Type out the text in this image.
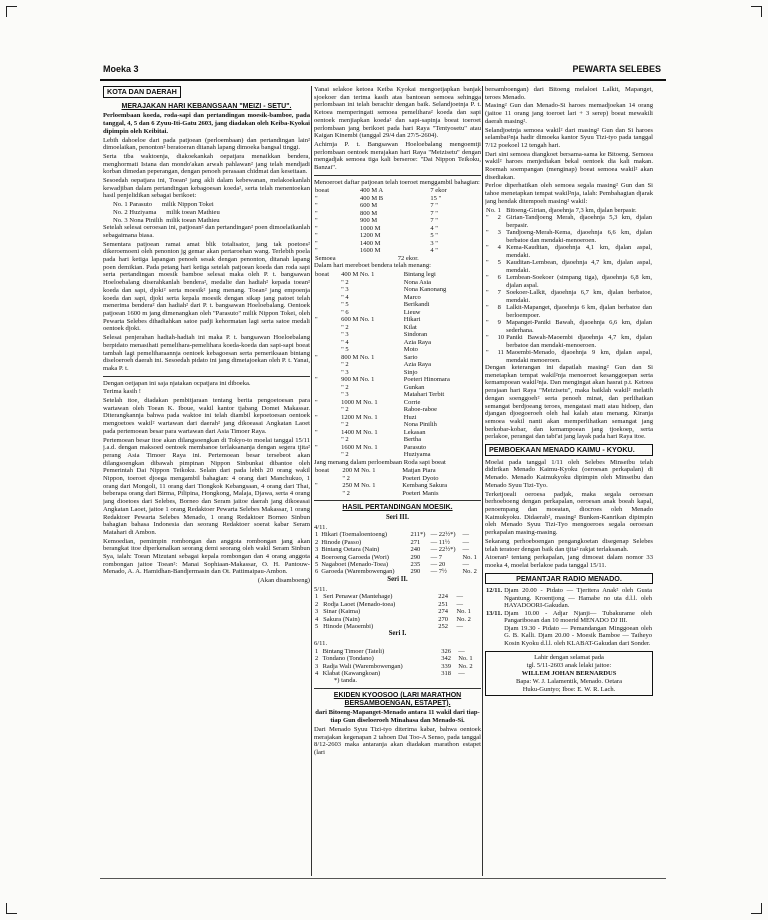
Moeka 3	PEWARTA SELEBES
KOTA DAN DAERAH
MERAJAKAN HARI KEBANGSAAN "MEIZI - SETU".

Perloembaan koeda, roda-sapi dan pertandingan moesik-bamboe, pada tanggal, 4, 5 dan 6 Zyuu-Iti-Gatu 2603, jang diadakan oleh Keiba-Kyokai dipimpin oleh Keibitai.

Lebih dahoeloe dari pada patjoean (perloembaan) dan pertandingan lain² dimoelaikan, penonton² beratoeran ditanah lapang dimoeka bangsal tinggi.

Serta tiba waktoenja, diakoekankah oepatjara menaikkan bendera, menghormati Istana dan mondo'akan arwah pahlawan² jang telah mendjadi korban dimedan peperangan, dengan penoeh perasaan chidmat dan keseitaan.

Sesoedah oepatjara ini, Toean² jang akli dalam kebewanan, melakoekanlah kewadjiban dalam pertandingan kebagoesan koeda², serta telah menentoekan hasil penjelidikan sebagai berikoet:

No. 1 Parasuto      milik Nippon Tokei

No. 2 Huziyama      milik toean Mathieu

No. 3 Nona Pinilih  milik toean Mathieu

Setelah selesai oeroesan ini, patjoean² dan pertandingan² poen dimoelaikanlah sebagaimana biasa.

Sementara patjoean ramai amat blik totalisator, jang tak poetoes² dikeroemoeni oleh penonton jg gemar akan pertaroehan wang. Terlebih poela pada hari ketiga lapangan penoeh sesak dengan penonton, ditanah lapang poen demikian. Pada petang hari ketiga setelah patjoean koeda dan roda sapi serta pertandingan moesik bamboe selesai maka oleh P. t. bangsawan Hoeloebalang diserahkanlah bendera², medalie dan hadiah² kepada toean² koeda dan sapi, djoki² serta moesik² jang menang. Toean² jang empoenja koeda dan sapi, djoki serta kepala moesik dengan sikap jang patoet telah menerima bendera² dan hadiah² dari P. t. bangsawan Hoeloebalang. Oentoek patjoean 1600 m jang dimenangkan oleh "Parasuto" milik Nippon Tokei, oleh Pewarta Selebes dihadiahkan satoe padji kehormatan lagi serta satoe medali oentoek djoki.

Selesai penjerahan hadiah-hadiah ini maka P. t. bangsawan Hoeloebalang berpidato menasihati pemelihara-pemelihara koeda-koeda dan sapi-sapi boeat tambah lagi pemeliharaannja oentoek kebagoesan serta pemeriksaan bintang diseloeroeh daerah ini. Sesoedah pidato ini jang dimeiajoekan oleh P. t. Yanai, maka P. t.

Dengan oetjapan ini saja njatakan ocpatjara ini diboeka.

Terima kasih !

Setelah itoe, diadakan pembitjaraan tentang berita pengoetoesan para wartawan oleh Toean K. Iboue, wakil kantor tjabang Domei Makassar. Diterangkannja bahwa pada waktoe ini telah diambil kepoetoesan oentoek mengoetoes wakil² wartawan dari daerah² jang dikoeasai Angkatan Laoet pada pertemoean besar para wartawan dari Asia Timoer Raya.

Pertemoean besar itoe akan dilangsoengkan di Tokyo-to moelai tanggal 15/11 j.a.d. dengan maksoed oentoek membanoe terlaksananja dengan segera tjita² perang Asia Timoer Raya ini. Pertemoean besar tersebeot akan dilangsoengkan dibawah pimpinan Nippon Sinbunkai dibantoe oleh Pemerintah Dai Nippon Teikoku. Selain dari pada lebih 20 orang wakil Nippon, toeroet djoega mengambil bahagian: 4 orang dari Manchukuo, 1 orang dari Mongoli, 11 orang dari Tiongkok Kebangsaan, 4 orang dari Thai, beberapa orang dari Birma, Pilipina, Hongkong, Malaja, Djawa, serta 4 orang jang dioetoes dari Selebes, Borneo dan Seram jaitoe daerah jang dikoeasai Angkatan Laoet, jaitoe 1 orang Redaktoer Pewarta Selebes Makassar, 1 orang Redaktoer Pewarta Selebes Menado, 1 orang Redaktoer Borneo Sinbun bahagian bahasa Indonesia dan seorang Redaktoer soerat kabar Seram Matahari di Ambon.

Kemoedian, pemimpin rombongan dan anggota rombongan jang akan berangkat itoe diperkenalkan seorang demi seorang oleh wakil Seram Sinbun Sya, ialah: Toean Mizutani sebagai kepala rombongan dan 4 orang anggota rombongan jaitoe Toean²: Manai Sophiaan-Makassar, O. H. Pantouw-Menado, A. A. Hamidhan-Bandjermasin dan Ot. Pattimaipau-Ambon.

(Akan disamboeng)

Yanai selakoe ketoea Keiba Kyokai mengoetjapkan banjak sjoekoer dan terima kasih atas bantoean semoea sehingga perlombaan ini telah berachir dengan baik. Selandjoetnja P. t. Ketoea memperingati semoea pemelihara² koeda dan sapi oentoek menjiapkan koeda² dan sapi-sapinja boeat toeroet perlombaan jang berikoet pada hari Raya "Tentyosetu" atau Kaigan Kinembi (tanggal 29/4 dan 27/5-2604).

Achirnja P. t. Bangsawan Hoeloebalang mengoemtji perlombaan oentoek merajakan hari Raya "Meizisetu" dengan mengadjak semoea tiga kali berseroe: "Dai Nippon Teikoku, Banzai".

Menoeroet daftar patjoean telah toeroet menggambil bahagian:

boeat	400 M A	7 ekor
"	400 M B	15 "
"	600 M	7 "
"	800 M	7 "
"	900 M	7 "
"	1000 M	4 "
"	1200 M	5 "
"	1400 M	3 "
"	1600 M	4 "
Semoea	72 ekor.

Dalam hari mereboet bendera telah menang:

boeat	400 M No. 1	Bintang legi
	" 2	Nona Asia
	" 3	Nona Kanonang
	" 4	Marco
	" 5	Berikandi
	" 6	Lieuw
"	600 M No. 1	Hikari
	" 2	Kilat
	" 3	Sindoran
	" 4	Azia Raya
	" 5	Moto
"	800 M No. 1	Sario
	" 2	Azia Raya
	" 3	Sinjo
"	900 M No. 1	Poeteri Hinomara
	" 2	Gunkan
	" 3	Matahari Terbit
"	1000 M No. 1	Corrie
	" 2	Raboe-raboe
"	1200 M No. 1	Huzi
	" 2	Nona Pinilih
"	1400 M No. 1	Lekasan
	" 2	Bertha
"	1600 M No. 1	Parasuto
	" 2	Huziyama

Jang menang dalam perloembaan Roda sapi boeat

boeat	200 M No. 1	Matjan Piara
	" 2	Poeteri Dyoto
"	250 M No. 1	Kembang Sakura
	" 2	Poeteri Manis
HASIL PERTANDINGAN MOESIK.
Seri III.
4/11.
1	Hikari (Toemaloentoeng)	211*)	— 22½*)	—
2	Hinode (Passo)	271	— 11½	—
3	Bintang Oetara (Nain)	240	— 22½*)	—
4	Boeroeng Garoeda (Wori)	290	— 7	No. 1
5	Nagaboet (Menado-Toea)	235	— 20	—
6	Garoeda (Warembowengan)	290	— 7½	No. 2
Seri II.
5/11.
1	Seri Penawar (Mantehage)	224	—
2	Rodja Laoet (Menado-toea)	251	—
3	Sinar (Kaima)	274	No. 1
4	Sakura (Nain)	270	No. 2
5	Hinode (Maoembi)	252	—
Seri I.
6/11.
1	Bintang Timoer (Tateli)	326	—
2	Tondano (Tondano)	342	No. 1
3	Radja Wali (Warembowengan)	339	No. 2
4	Klabat (Kawangkoan)	318	—

*) tanda.

EKIDEN KYOOSOO (LARI MARATHON BERSAMBOENGAN, ESTAPET).

dari Bitoeng-Mapanget-Menado antara 11 wakil dari tiap-tiap Gun diseloeroeh Minahasa dan Menado-Si.

Dari Menado Syuu Tizi-tyo diterima kabar, bahwa oentoek merajakan kegenapan 2 tahoen Dai Too-A Senso, pada tanggal 8/12-2603 maka antaranja akan diadakan marathon estapet (lari

bersamboengan) dari Bitoeng melaloei Lalkit, Mapanget, teroes Menado.

Masing² Gun dan Menado-Si haroes memadjoekan 14 orang (jaitoe 11 orang jang toeroet lari + 3 serep) boeat mewakili daerah masing².

Selandjoetnja semoea wakil² dari masing² Gun dan Si haroes selambat²nja hadir dimoeka kantor Syuu Tizi-tyo pada tanggal 7/12 poekoel 12 tengah hari.

Dari sini semoea diangkoet bersama-sama ke Bitoeng. Semoea wakil² haroes menjediakan bekal oentoek dia kali makan. Roemah soempangan (menginap) boeat semoea wakil² akan disediakan.

Perloe diperhatikan oleh semoea segala masing² Gun dan Si tahoe menetapkan tempat wakil²nja, ialah: Pembahagian djarak jang hendak ditempoeh masing² wakil:

No.	1	Bitoeng-Girian, djaoehnja 7,3 km, djalan berpasir.
"	2	Girian-Tandjoeng Merah, djaoehnja 5,3 km, djalan berpasir.
"	3	Tandjoeng-Merah-Kema, djaoehnja 6,6 km, djalan berbatoe dan mendaki-menoeroen.
"	4	Kema-Kauditan, djaoehnja 4,1 km, djalan aspal, mendaki.
"	5	Kauditan-Lembean, djaoehnja 4,7 km, djalan aspal, mendaki.
"	6	Lembean-Soekoer (simpang tiga), djaoehnja 6,8 km, djalan aspal.
"	7	Soekoer-Lalkit, djaoehnja 6,7 km, djalan berbatoe, mendaki.
"	8	Lalkit-Mapanget, djaoehnja 6 km, djalan berbatoe dan berloempoer.
"	9	Mapanget-Paniki Bawah, djaoehnja 6,6 km, djalan sederhana.
"	10	Paniki Bawah-Maoembi djaoehnja 4,7 km, djalan berbatoe dan mendaki-menoeroen.
"	11	Maoembi-Menado, djaoehnja 9 km, djalan aspal, mendaki menoeroen.

Dengan keterangan ini dapatlah masing² Gun dan Si menetapkan tempat wakil²nja menoeroet kesanggoepan serta kemampoean wakil²nja. Dan mengingat akan hasrat p.t. Ketoea perajaan hari Raya "Meizisetu", maka baiklah wakil² melatih dengan soenggoeh² serta penoeh minat, dan perlihatkan semangat berdjoeang teroes, mengatasi mati atau hidoep, dan djangan djoegoeroeh oleh hal kalah atau menang. Kiranja semoea wakil nanti akan memperlihatkan semangat jang berkobar-kobar, dan kemampoean jang tjoekoep, serta perlakoe, perangai dan tabi'at jang layak pada hari Raya itoe.

PEMBOEKAAN MENADO KAIMU - KYOKU.

Moelai pada tanggal 1/11 oleh Selebes Minseibu telah didirikan Menado Kaimu-Kyoku (oeroesan perkapalan) di Menado. Menado Kaimukyoku dipimpin oleh Minseibu dan Menado Syuu Tizi-Tyo.

Terketjoeali oeroesa padjak, maka segala oeroesan berhoeboeng dengan perkapalan, oeroesan anak boeah kapal, penoempang dan moeatan, diocroes oleh Menado Kaimukyoku. Didaerah², masing² Bunken-Kanrikan dipimpin oleh Menado Syuu Tizi-Tyo mengoeroes segala oeroesan perkapalan masing-masing.

Sekarang perhoeboengan pengangkoetan disegenap Selebes telah teratoer dengan baik dan tjita² rakjat terlaksanah.

Atoeran² tentang perkapalan, jang dimoeat dalam nomor 33 moeka 4, moelai berlakoe pada tanggal 15/11.

PEMANTJAR RADIO MENADO.
12/11.	Djam 20.00 - Pidato — Tjeritera Anak² oleh Gusta Ngantung. Kroentjong — Hamabe no uta d.l.l. oleh HAYADOORI-Gakudan.
13/11.	Djam 10.00 - Adjar Njanji— Tubakurame oleh Pangariboean dan 10 moerid MENADO DJ III.
	Djam 19.30 - Pidato — Pemandangan Minggoean oleh G. B. Kalli. Djam 20.00 - Moesik Bamboe — Taiheyo Kosin Kyoku d.l.l. oleh KLABAT-Gakudan dari Sonder.
Lahir dengan selamat pada
tgl. 5/11-2603 anak lelaki jaitoe:
WILLEM JOHAN BERNARDUS
Bapa: W. J. Lalamentik, Menado. Oetara
Huku-Guntyo; Iboe: E. W. R. Lach.
